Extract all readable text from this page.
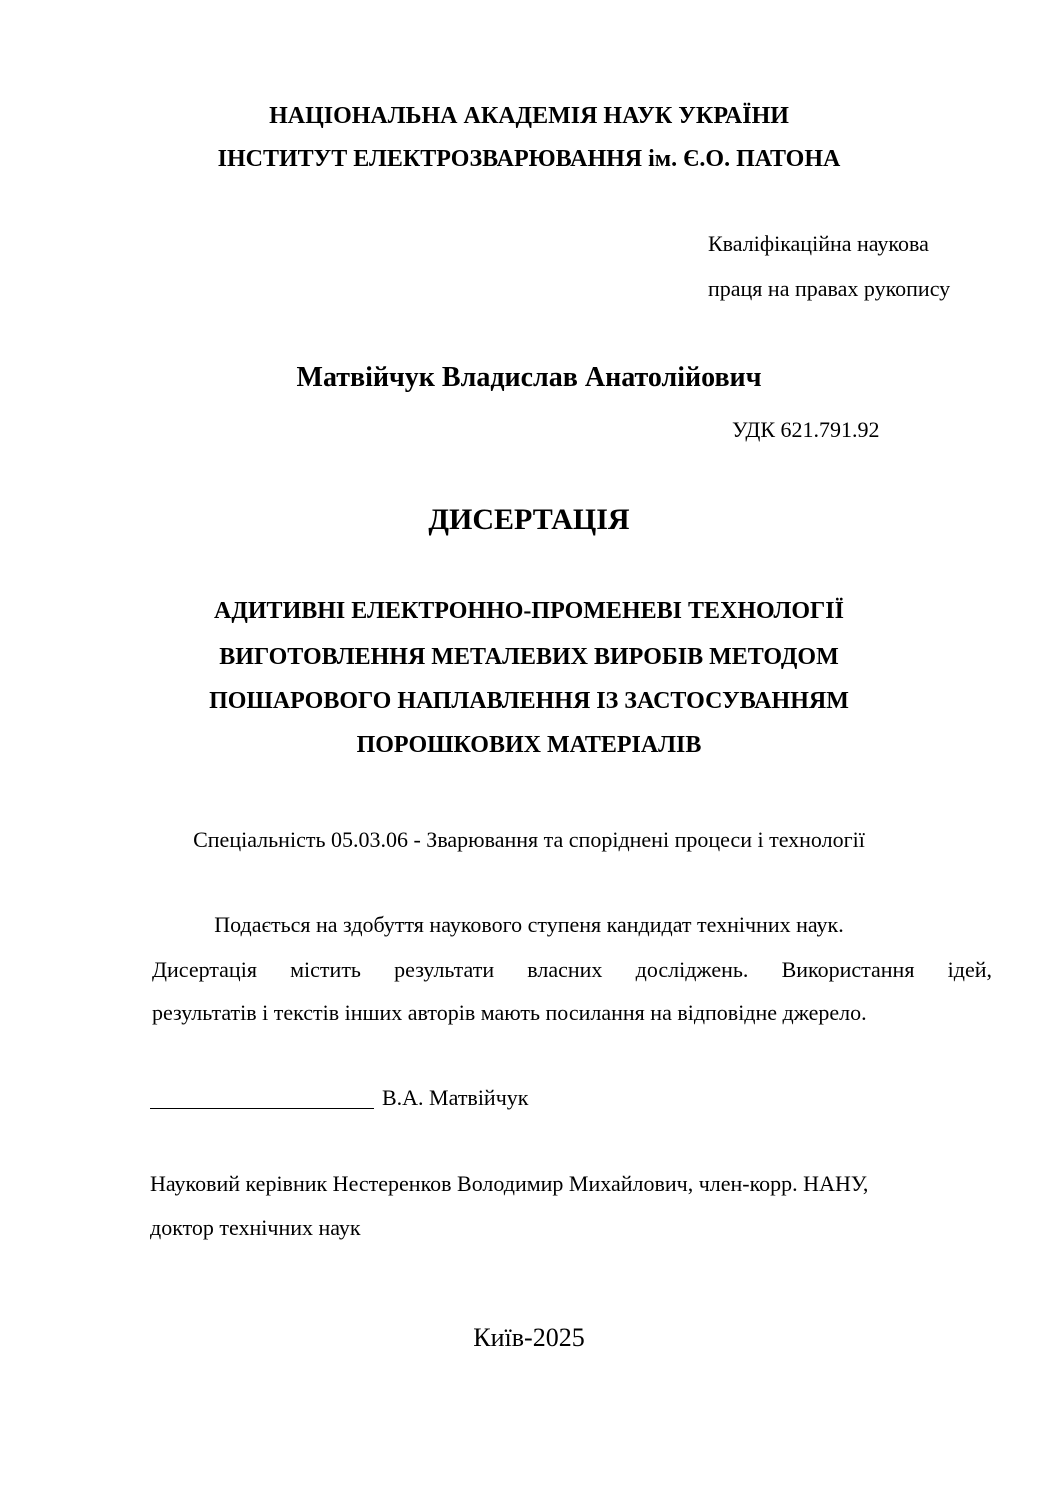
НАЦІОНАЛЬНА АКАДЕМІЯ НАУК УКРАЇНИ
ІНСТИТУТ ЕЛЕКТРОЗВАРЮВАННЯ ім. Є.О. ПАТОНА
Кваліфікаційна наукова
праця на правах рукопису
Матвійчук Владислав Анатолійович
УДК 621.791.92
ДИСЕРТАЦІЯ
АДИТИВНІ ЕЛЕКТРОННО-ПРОМЕНЕВІ ТЕХНОЛОГІЇ
ВИГОТОВЛЕННЯ МЕТАЛЕВИХ ВИРОБІВ МЕТОДОМ
ПОШАРОВОГО НАПЛАВЛЕННЯ ІЗ ЗАСТОСУВАННЯМ
ПОРОШКОВИХ МАТЕРІАЛІВ
Спеціальність 05.03.06 - Зварювання та споріднені процеси і технології
Подається на здобуття наукового ступеня кандидат технічних наук.
Дисертація містить результати власних досліджень. Використання ідей,
результатів і текстів інших авторів мають посилання на відповідне джерело.
В.А. Матвійчук
Науковий керівник Нестеренков Володимир Михайлович, член-корр. НАНУ,
доктор технічних наук
Київ-2025
